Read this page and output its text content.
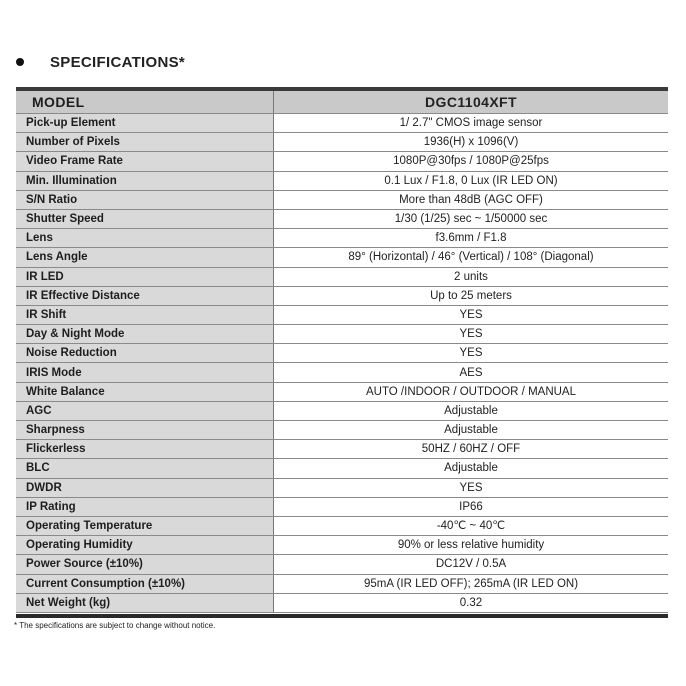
SPECIFICATIONS*
MODEL	DGC1104XFT
Pick-up Element	1/ 2.7" CMOS image sensor
Number of Pixels	1936(H) x 1096(V)
Video Frame Rate	1080P@30fps / 1080P@25fps
Min. Illumination	0.1 Lux / F1.8, 0 Lux (IR LED ON)
S/N Ratio	More than 48dB (AGC OFF)
Shutter Speed	1/30 (1/25) sec ~ 1/50000 sec
Lens	f3.6mm / F1.8
Lens Angle	89° (Horizontal) / 46° (Vertical) / 108° (Diagonal)
IR LED	2 units
IR Effective Distance	Up to 25 meters
IR Shift	YES
Day & Night Mode	YES
Noise Reduction	YES
IRIS Mode	AES
White Balance	AUTO /INDOOR / OUTDOOR / MANUAL
AGC	Adjustable
Sharpness	Adjustable
Flickerless	50HZ / 60HZ / OFF
BLC	Adjustable
DWDR	YES
IP Rating	IP66
Operating Temperature	-40℃ ~ 40℃
Operating Humidity	90% or less relative humidity
Power Source (±10%)	DC12V / 0.5A
Current Consumption (±10%)	95mA (IR LED OFF); 265mA (IR LED ON)
Net Weight (kg)	0.32
* The specifications are subject to change without notice.
